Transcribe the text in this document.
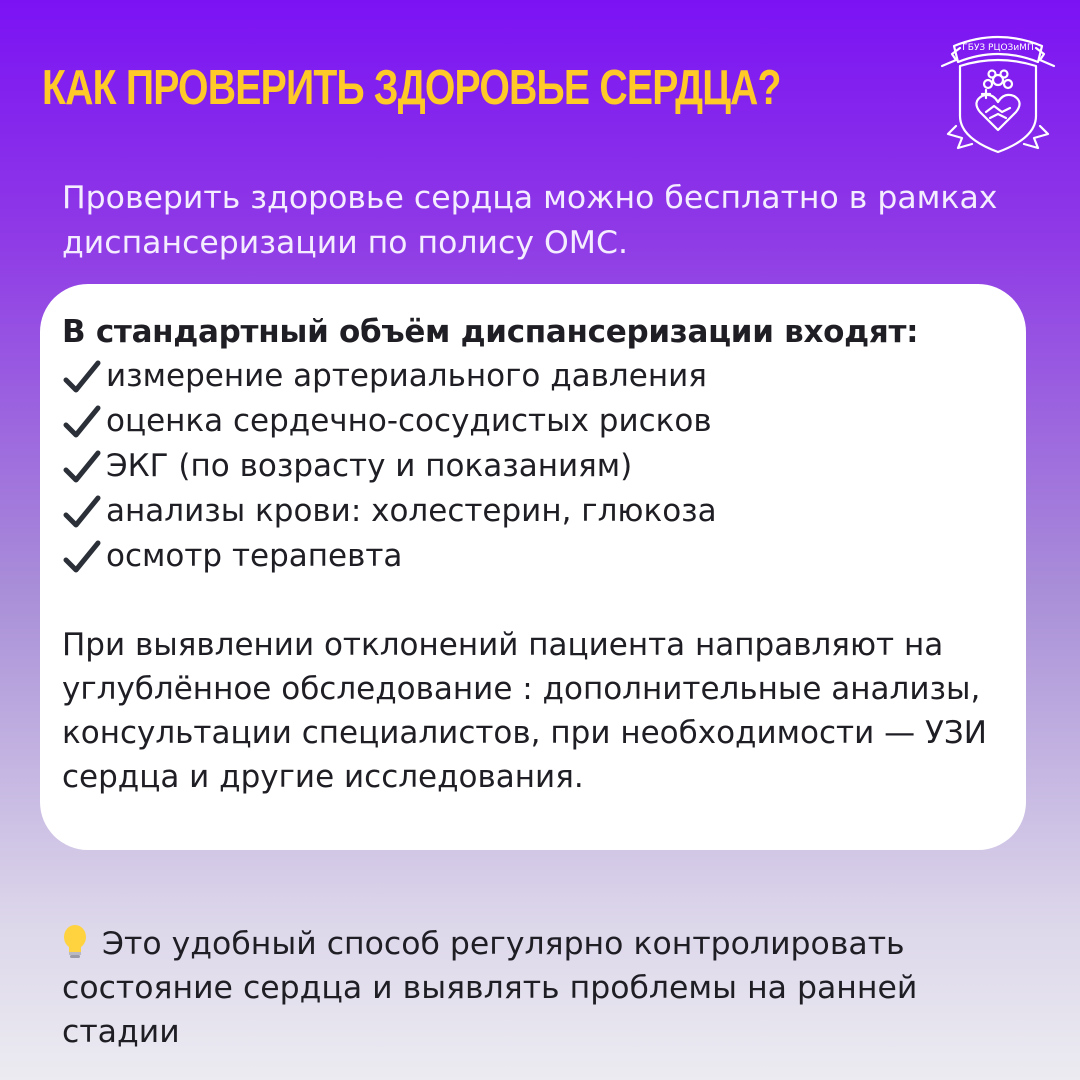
КАК ПРОВЕРИТЬ ЗДОРОВЬЕ СЕРДЦА?
ГБУЗ РЦОЗиМП
Проверить здоровье сердца можно бесплатно в рамках диспансеризации по полису ОМС.
В стандартный объём диспансеризации входят:
измерение артериального давления
оценка сердечно-сосудистых рисков
ЭКГ (по возрасту и показаниям)
анализы крови: холестерин, глюкоза
осмотр терапевта
При выявлении отклонений пациента направляют на углублённое обследование : дополнительные анализы, консультации специалистов, при необходимости — УЗИ сердца и другие исследования.
Это удобный способ регулярно контролировать состояние сердца и выявлять проблемы на ранней стадии
